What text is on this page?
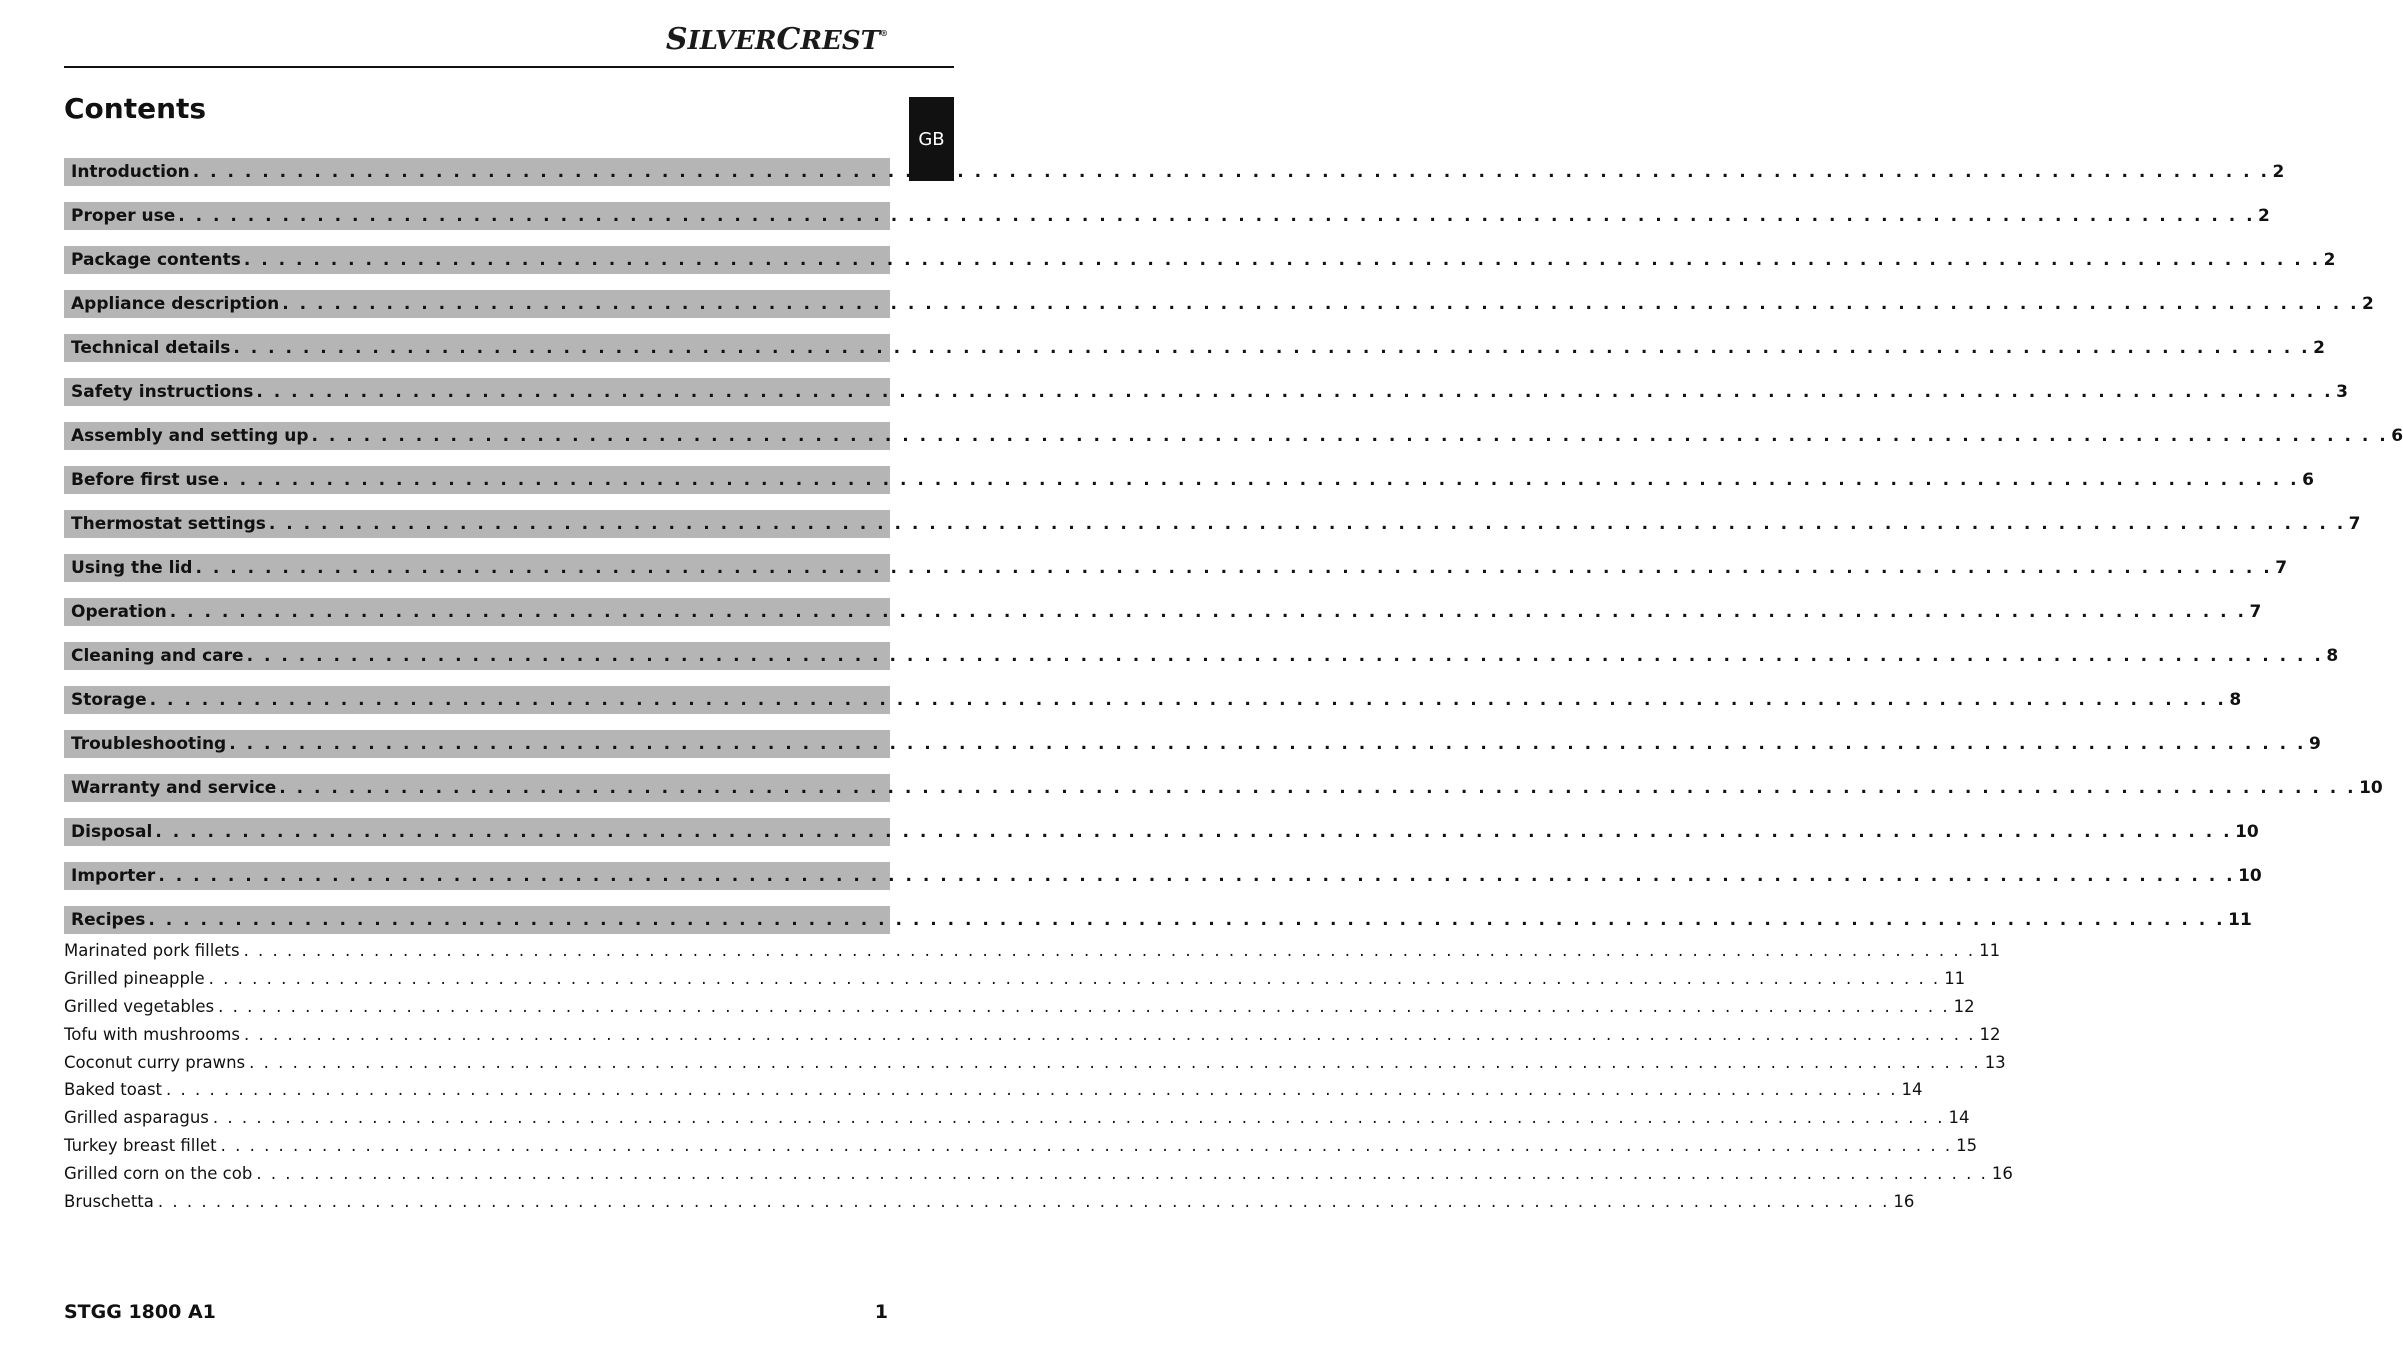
SILVERCREST®
GB
Contents
Introduction . . . . . . . . . . . . . . . . . . . . . . . . . . . . . . . . . . . . . . . . . . . . . . . . . . . . . . . . . . . . . . . . . . . . . . . . . . . . . . . . . . . . . . . . . . . . . . . . . . . . . . . . . . . . . . . . . . . . . . . . 2
Proper use . . . . . . . . . . . . . . . . . . . . . . . . . . . . . . . . . . . . . . . . . . . . . . . . . . . . . . . . . . . . . . . . . . . . . . . . . . . . . . . . . . . . . . . . . . . . . . . . . . . . . . . . . . . . . . . . . . . . . . . . 2
Package contents . . . . . . . . . . . . . . . . . . . . . . . . . . . . . . . . . . . . . . . . . . . . . . . . . . . . . . . . . . . . . . . . . . . . . . . . . . . . . . . . . . . . . . . . . . . . . . . . . . . . . . . . . . . . . . . . . . . . . . . . 2
Appliance description . . . . . . . . . . . . . . . . . . . . . . . . . . . . . . . . . . . . . . . . . . . . . . . . . . . . . . . . . . . . . . . . . . . . . . . . . . . . . . . . . . . . . . . . . . . . . . . . . . . . . . . . . . . . . . . . . . . . . . . . 2
Technical details . . . . . . . . . . . . . . . . . . . . . . . . . . . . . . . . . . . . . . . . . . . . . . . . . . . . . . . . . . . . . . . . . . . . . . . . . . . . . . . . . . . . . . . . . . . . . . . . . . . . . . . . . . . . . . . . . . . . . . . . 2
Safety instructions . . . . . . . . . . . . . . . . . . . . . . . . . . . . . . . . . . . . . . . . . . . . . . . . . . . . . . . . . . . . . . . . . . . . . . . . . . . . . . . . . . . . . . . . . . . . . . . . . . . . . . . . . . . . . . . . . . . . . . . . 3
Assembly and setting up . . . . . . . . . . . . . . . . . . . . . . . . . . . . . . . . . . . . . . . . . . . . . . . . . . . . . . . . . . . . . . . . . . . . . . . . . . . . . . . . . . . . . . . . . . . . . . . . . . . . . . . . . . . . . . . . . . . . . . . . 6
Before first use . . . . . . . . . . . . . . . . . . . . . . . . . . . . . . . . . . . . . . . . . . . . . . . . . . . . . . . . . . . . . . . . . . . . . . . . . . . . . . . . . . . . . . . . . . . . . . . . . . . . . . . . . . . . . . . . . . . . . . . . 6
Thermostat settings . . . . . . . . . . . . . . . . . . . . . . . . . . . . . . . . . . . . . . . . . . . . . . . . . . . . . . . . . . . . . . . . . . . . . . . . . . . . . . . . . . . . . . . . . . . . . . . . . . . . . . . . . . . . . . . . . . . . . . . . 7
Using the lid . . . . . . . . . . . . . . . . . . . . . . . . . . . . . . . . . . . . . . . . . . . . . . . . . . . . . . . . . . . . . . . . . . . . . . . . . . . . . . . . . . . . . . . . . . . . . . . . . . . . . . . . . . . . . . . . . . . . . . . . 7
Operation . . . . . . . . . . . . . . . . . . . . . . . . . . . . . . . . . . . . . . . . . . . . . . . . . . . . . . . . . . . . . . . . . . . . . . . . . . . . . . . . . . . . . . . . . . . . . . . . . . . . . . . . . . . . . . . . . . . . . . . . 7
Cleaning and care . . . . . . . . . . . . . . . . . . . . . . . . . . . . . . . . . . . . . . . . . . . . . . . . . . . . . . . . . . . . . . . . . . . . . . . . . . . . . . . . . . . . . . . . . . . . . . . . . . . . . . . . . . . . . . . . . . . . . . . . 8
Storage . . . . . . . . . . . . . . . . . . . . . . . . . . . . . . . . . . . . . . . . . . . . . . . . . . . . . . . . . . . . . . . . . . . . . . . . . . . . . . . . . . . . . . . . . . . . . . . . . . . . . . . . . . . . . . . . . . . . . . . . 8
Troubleshooting . . . . . . . . . . . . . . . . . . . . . . . . . . . . . . . . . . . . . . . . . . . . . . . . . . . . . . . . . . . . . . . . . . . . . . . . . . . . . . . . . . . . . . . . . . . . . . . . . . . . . . . . . . . . . . . . . . . . . . . . 9
Warranty and service . . . . . . . . . . . . . . . . . . . . . . . . . . . . . . . . . . . . . . . . . . . . . . . . . . . . . . . . . . . . . . . . . . . . . . . . . . . . . . . . . . . . . . . . . . . . . . . . . . . . . . . . . . . . . . . . . . . . . . . . 10
Disposal . . . . . . . . . . . . . . . . . . . . . . . . . . . . . . . . . . . . . . . . . . . . . . . . . . . . . . . . . . . . . . . . . . . . . . . . . . . . . . . . . . . . . . . . . . . . . . . . . . . . . . . . . . . . . . . . . . . . . . . . 10
Importer . . . . . . . . . . . . . . . . . . . . . . . . . . . . . . . . . . . . . . . . . . . . . . . . . . . . . . . . . . . . . . . . . . . . . . . . . . . . . . . . . . . . . . . . . . . . . . . . . . . . . . . . . . . . . . . . . . . . . . . . 10
Recipes . . . . . . . . . . . . . . . . . . . . . . . . . . . . . . . . . . . . . . . . . . . . . . . . . . . . . . . . . . . . . . . . . . . . . . . . . . . . . . . . . . . . . . . . . . . . . . . . . . . . . . . . . . . . . . . . . . . . . . . . 11
Marinated pork fillets . . . . . . . . . . . . . . . . . . . . . . . . . . . . . . . . . . . . . . . . . . . . . . . . . . . . . . . . . . . . . . . . . . . . . . . . . . . . . . . . . . . . . . . . . . . . . . . . . . . . . . . . . . . . . . . . . . . . . . . . 11
Grilled pineapple . . . . . . . . . . . . . . . . . . . . . . . . . . . . . . . . . . . . . . . . . . . . . . . . . . . . . . . . . . . . . . . . . . . . . . . . . . . . . . . . . . . . . . . . . . . . . . . . . . . . . . . . . . . . . . . . . . . . . . . . 11
Grilled vegetables . . . . . . . . . . . . . . . . . . . . . . . . . . . . . . . . . . . . . . . . . . . . . . . . . . . . . . . . . . . . . . . . . . . . . . . . . . . . . . . . . . . . . . . . . . . . . . . . . . . . . . . . . . . . . . . . . . . . . . . . 12
Tofu with mushrooms . . . . . . . . . . . . . . . . . . . . . . . . . . . . . . . . . . . . . . . . . . . . . . . . . . . . . . . . . . . . . . . . . . . . . . . . . . . . . . . . . . . . . . . . . . . . . . . . . . . . . . . . . . . . . . . . . . . . . . . . 12
Coconut curry prawns . . . . . . . . . . . . . . . . . . . . . . . . . . . . . . . . . . . . . . . . . . . . . . . . . . . . . . . . . . . . . . . . . . . . . . . . . . . . . . . . . . . . . . . . . . . . . . . . . . . . . . . . . . . . . . . . . . . . . . . . 13
Baked toast . . . . . . . . . . . . . . . . . . . . . . . . . . . . . . . . . . . . . . . . . . . . . . . . . . . . . . . . . . . . . . . . . . . . . . . . . . . . . . . . . . . . . . . . . . . . . . . . . . . . . . . . . . . . . . . . . . . . . . . . 14
Grilled asparagus . . . . . . . . . . . . . . . . . . . . . . . . . . . . . . . . . . . . . . . . . . . . . . . . . . . . . . . . . . . . . . . . . . . . . . . . . . . . . . . . . . . . . . . . . . . . . . . . . . . . . . . . . . . . . . . . . . . . . . . . 14
Turkey breast fillet . . . . . . . . . . . . . . . . . . . . . . . . . . . . . . . . . . . . . . . . . . . . . . . . . . . . . . . . . . . . . . . . . . . . . . . . . . . . . . . . . . . . . . . . . . . . . . . . . . . . . . . . . . . . . . . . . . . . . . . . 15
Grilled corn on the cob . . . . . . . . . . . . . . . . . . . . . . . . . . . . . . . . . . . . . . . . . . . . . . . . . . . . . . . . . . . . . . . . . . . . . . . . . . . . . . . . . . . . . . . . . . . . . . . . . . . . . . . . . . . . . . . . . . . . . . . . 16
Bruschetta . . . . . . . . . . . . . . . . . . . . . . . . . . . . . . . . . . . . . . . . . . . . . . . . . . . . . . . . . . . . . . . . . . . . . . . . . . . . . . . . . . . . . . . . . . . . . . . . . . . . . . . . . . . . . . . . . . . . . . . . 16
STGG 1800 A1	1
